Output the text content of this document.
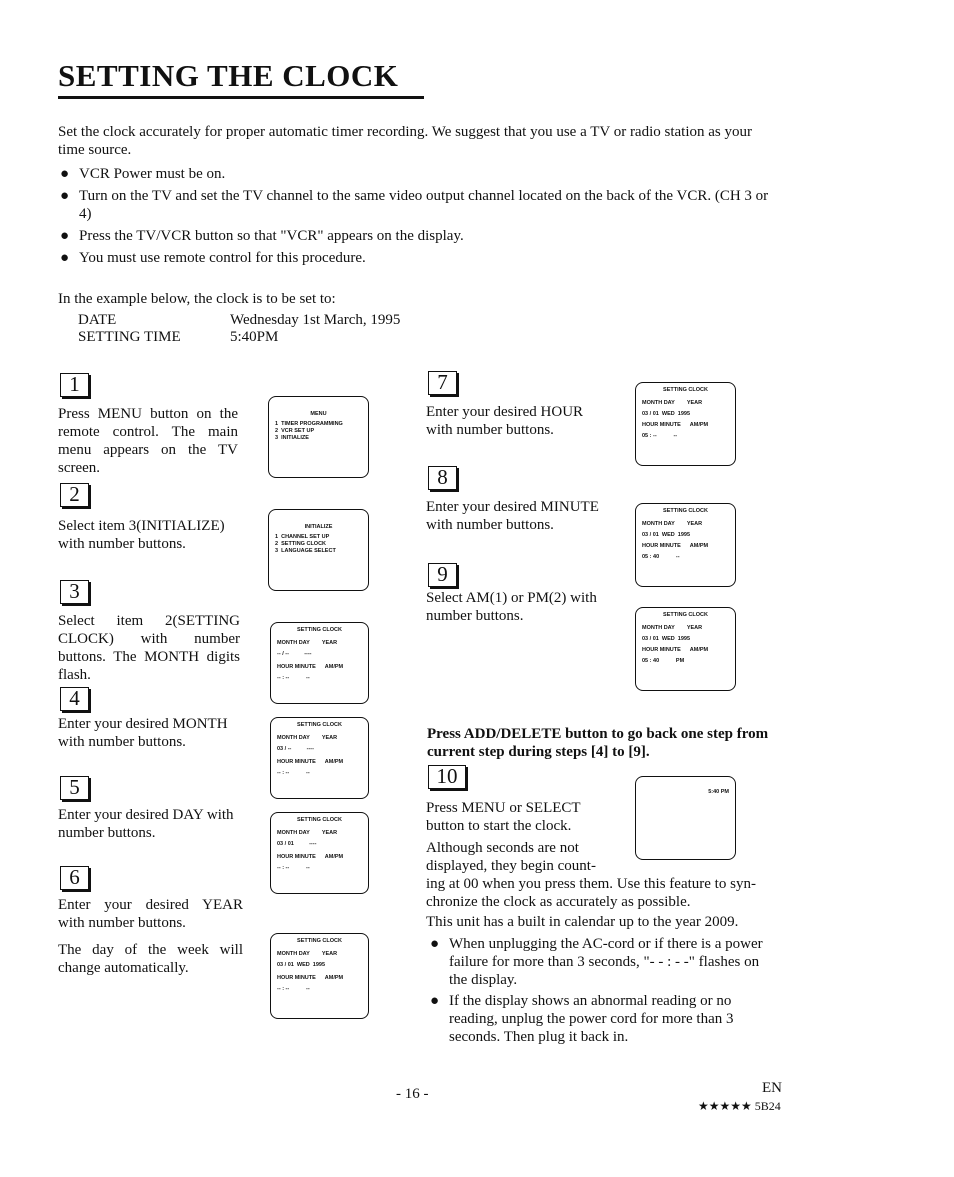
SETTING THE CLOCK
Set the clock accurately for proper automatic timer recording. We suggest that you use a TV or radio station as your time source.
● VCR Power must be on.
● Turn on the TV and set the TV channel to the same video output channel located on the back of the VCR. (CH 3 or 4)
● Press the TV/VCR button so that "VCR" appears on the display.
● You must use remote control for this procedure.
In the example below, the clock is to be set to:
DATE	Wednesday 1st March, 1995
SETTING TIME	5:40PM
1
Press MENU button on the remote control. The main menu appears on the TV screen.
2
Select item 3(INITIALIZE) with number buttons.
3
Select item 2(SETTING CLOCK) with number buttons. The MONTH digits flash.
4
Enter your desired MONTH with number buttons.
5
Enter your desired DAY with number buttons.
6
Enter your desired YEAR with number buttons.
The day of the week will change automatically.
MENU
1  TIMER PROGRAMMING
2  VCR SET UP
3  INITIALIZE
INITIALIZE
1  CHANNEL SET UP
2  SETTING CLOCK
3  LANGUAGE SELECT
SETTING CLOCK
MONTH DAY        YEAR
-- / --          ----
HOUR MINUTE      AM/PM
-- : --           --
SETTING CLOCK
MONTH DAY        YEAR
03 / --          ----
HOUR MINUTE      AM/PM
-- : --           --
SETTING CLOCK
MONTH DAY        YEAR
03 / 01          ----
HOUR MINUTE      AM/PM
-- : --           --
SETTING CLOCK
MONTH DAY        YEAR
03 / 01  WED  1995
HOUR MINUTE      AM/PM
-- : --           --
7
Enter your desired HOUR with number buttons.
8
Enter your desired MINUTE with number buttons.
9
Select AM(1) or PM(2) with number buttons.
SETTING CLOCK
MONTH DAY        YEAR
03 / 01  WED  1995
HOUR MINUTE      AM/PM
05 : --           --
SETTING CLOCK
MONTH DAY        YEAR
03 / 01  WED  1995
HOUR MINUTE      AM/PM
05 : 40           --
SETTING CLOCK
MONTH DAY        YEAR
03 / 01  WED  1995
HOUR MINUTE      AM/PM
05 : 40           PM
Press ADD/DELETE button to go back one step from current step during steps [4] to [9].
10
Press MENU or SELECT button to start the clock.
5:40 PM
Although seconds are not
displayed, they begin count-
ing at 00 when you press them. Use this feature to syn-
chronize the clock as accurately as possible.
This unit has a built in calendar up to the year 2009.
● When unplugging the AC-cord or if there is a power failure for more than 3 seconds, "- - : - -" flashes on the display.
● If the display shows an abnormal reading or no reading, unplug the power cord for more than 3 seconds. Then plug it back in.
- 16 -	EN
★★★★★ 5B24
